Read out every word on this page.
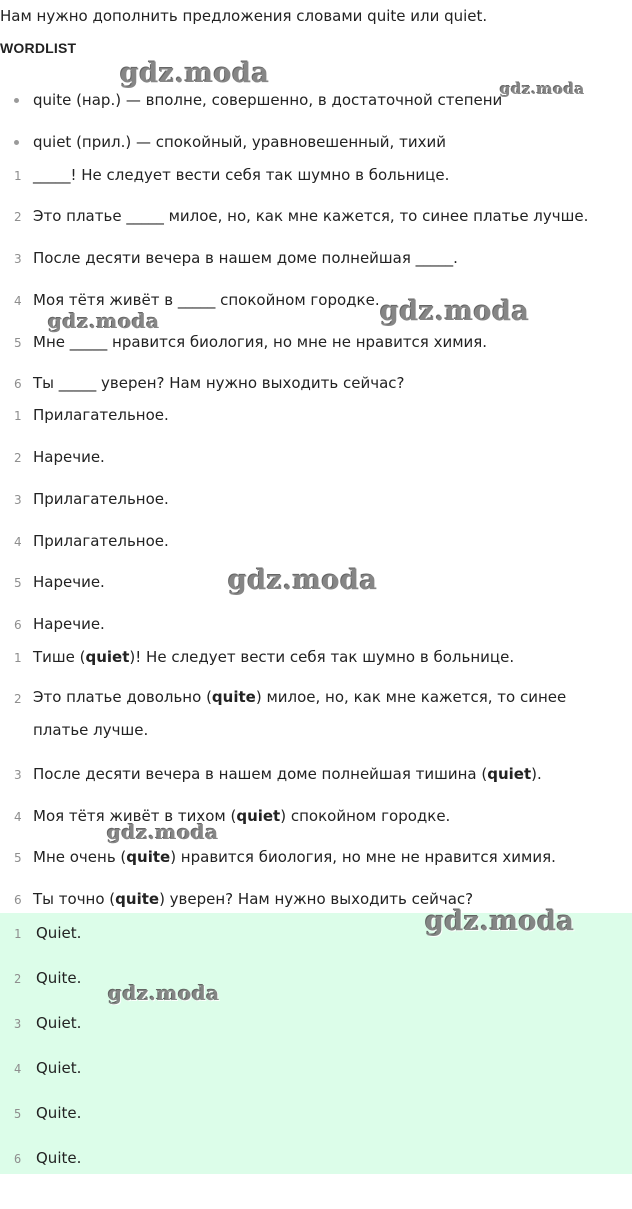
Нам нужно дополнить предложения словами quite или quiet.
WORDLIST
quite (нар.) — вполне, совершенно, в достаточной степени
quiet (прил.) — спокойный, уравновешенный, тихий
1 _____! Не следует вести себя так шумно в больнице.
2 Это платье _____ милое, но, как мне кажется, то синее платье лучше.
3 После десяти вечера в нашем доме полнейшая _____.
4 Моя тётя живёт в _____ спокойном городке.
5 Мне _____ нравится биология, но мне не нравится химия.
6 Ты _____ уверен? Нам нужно выходить сейчас?
1 Прилагательное.
2 Наречие.
3 Прилагательное.
4 Прилагательное.
5 Наречие.
6 Наречие.
1 Тише (quiet)! Не следует вести себя так шумно в больнице.
2 Это платье довольно (quite) милое, но, как мне кажется, то синее платье лучше.
3 После десяти вечера в нашем доме полнейшая тишина (quiet).
4 Моя тётя живёт в тихом (quiet) спокойном городке.
5 Мне очень (quite) нравится биология, но мне не нравится химия.
6 Ты точно (quite) уверен? Нам нужно выходить сейчас?
1 Quiet.
2 Quite.
3 Quiet.
4 Quiet.
5 Quite.
6 Quite.
gdz.moda	gdz.moda
gdz.moda
gdz.moda
gdz.moda
gdz.moda
gdz.moda
gdz.moda
